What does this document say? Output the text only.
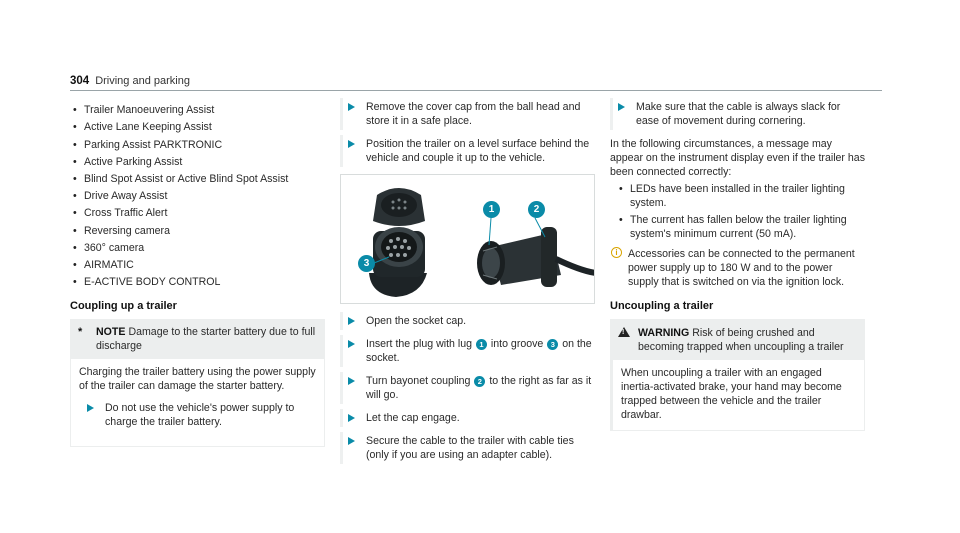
304 Driving and parking
• Trailer Manoeuvering Assist
• Active Lane Keeping Assist
• Parking Assist PARKTRONIC
• Active Parking Assist
• Blind Spot Assist or Active Blind Spot Assist
• Drive Away Assist
• Cross Traffic Alert
• Reversing camera
• 360° camera
• AIRMATIC
• E-ACTIVE BODY CONTROL
Coupling up a trailer
* NOTE Damage to the starter battery due to full discharge

Charging the trailer battery using the power supply of the trailer can damage the starter battery.

Do not use the vehicle's power supply to charge the trailer battery.
Remove the cover cap from the ball head and store it in a safe place.
Position the trailer on a level surface behind the vehicle and couple it up to the vehicle.
1	2
3
Open the socket cap.
Insert the plug with lug 1 into groove 3 on the socket.
Turn bayonet coupling 2 to the right as far as it will go.
Let the cap engage.
Secure the cable to the trailer with cable ties (only if you are using an adapter cable).
Make sure that the cable is always slack for ease of movement during cornering.

In the following circumstances, a message may appear on the instrument display even if the trailer has been connected correctly:

• LEDs have been installed in the trailer lighting system.
• The current has fallen below the trailer lighting system's minimum current (50 mA).
i Accessories can be connected to the permanent power supply up to 180 W and to the power supply that is switched on via the ignition lock.
Uncoupling a trailer
!
WARNING Risk of being crushed and becoming trapped when uncoupling a trailer

When uncoupling a trailer with an engaged inertia-activated brake, your hand may become trapped between the vehicle and the trailer drawbar.
